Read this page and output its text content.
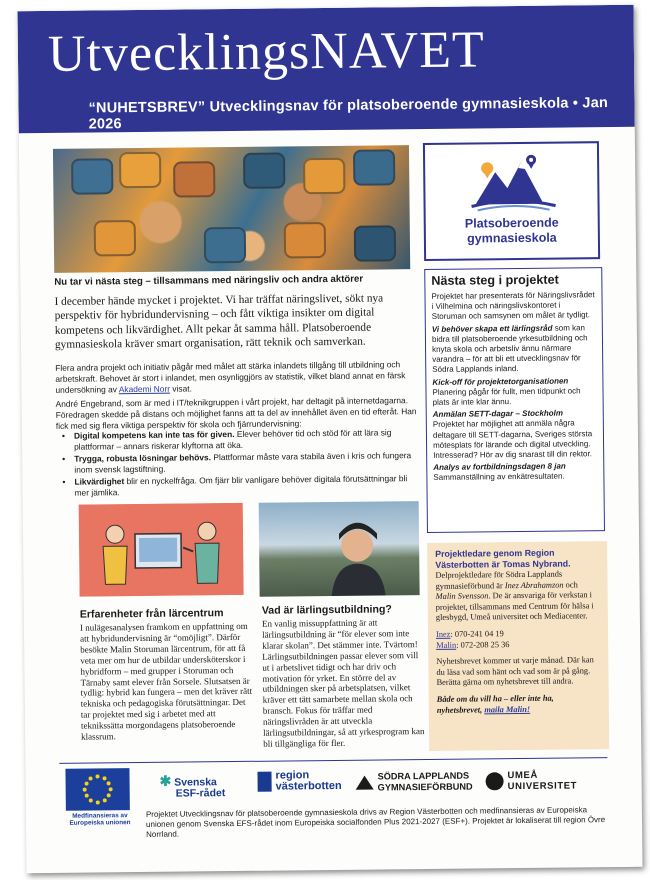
UtvecklingsNAVET
“NUHETSBREV” Utvecklingsnav för platsoberoende gymnasieskola • Jan 2026
Platsoberoende
gymnasieskola
Nu tar vi nästa steg – tillsammans med näringsliv och andra aktörer
I december hände mycket i projektet. Vi har träffat näringslivet, sökt nya perspektiv för hybridundervisning – och fått viktiga insikter om digital kompetens och likvärdighet. Allt pekar åt samma håll. Platsoberoende gymnasieskola kräver smart organisation, rätt teknik och samverkan.
Flera andra projekt och initiativ pågår med målet att stärka inlandets tillgång till utbildning och arbetskraft. Behovet är stort i inlandet, men osynliggjörs av statistik, vilket bland annat en färsk undersökning av Akademi Norr visat.
André Engebrand, som är med i IT/teknikgruppen i vårt projekt, har deltagit på internetdagarna. Föredragen skedde på distans och möjlighet fanns att ta del av innehållet även en tid efteråt. Han fick med sig flera viktiga perspektiv för skola och fjärrundervisning:
• Digital kompetens kan inte tas för given. Elever behöver tid och stöd för att lära sig plattformar – annars riskerar klyftorna att öka.
• Trygga, robusta lösningar behövs. Plattformar måste vara stabila även i kris och fungera inom svensk lagstiftning.
• Likvärdighet blir en nyckelfråga. Om fjärr blir vanligare behöver digitala förutsättningar bli mer jämlika.
Nästa steg i projektet

Projektet har presenterats för Näringslivsrådet i Vilhelmina och näringslivskontoret i Storuman och samsynen om målet är tydligt.

Vi behöver skapa ett lärlingsråd som kan bidra till platsoberoende yrkesutbildning och knyta skola och arbetsliv ännu närmare varandra – för att bli ett utvecklingsnav för Södra Lapplands inland.

Kick-off för projektetorganisationen
Planering pågår för fullt, men tidpunkt och plats är inte klar ännu.

Anmälan SETT-dagar – Stockholm
Projektet har möjlighet att anmäla några deltagare till SETT-dagarna, Sveriges största mötesplats för lärande och digital utveckling. Intresserad? Hör av dig snarast till din rektor.

Analys av fortbildningsdagen 8 jan
Sammanställning av enkätresultaten.

Erfarenheter från lärcentrum
I nulägesanalysen framkom en uppfattning om att hybridundervisning är “omöjligt”. Därför besökte Malin Storuman lärcentrum, för att få veta mer om hur de utbildar undersköterskor i hybridform – med grupper i Storuman och Tärnaby samt elever från Sorsele. Slutsatsen är tydlig: hybrid kan fungera – men det kräver rätt tekniska och pedagogiska förutsättningar. Det tar projektet med sig i arbetet med att teknikssätta morgondagens platsoberoende klassrum.
Vad är lärlingsutbildning?
En vanlig missuppfattning är att lärlingsutbildning är “för elever som inte klarar skolan”. Det stämmer inte. Tvärtom! Lärlingsutbildningen passar elever som vill ut i arbetslivet tidigt och har driv och motivation för yrket. En större del av utbildningen sker på arbetsplatsen, vilket kräver ett tätt samarbete mellan skola och bransch. Fokus för träffar med näringslivråden är att utveckla lärlingsutbildningar, så att yrkesprogram kan bli tillgängliga för fler.
Projektledare genom Region Västerbotten är Tomas Nybrand.
Delprojektledare för Södra Lapplands gymnasieförbund är Inez Abrahamzon och Malin Svensson. De är ansvariga för verkstan i projektet, tillsammans med Centrum för hälsa i glesbygd, Umeå universitet och Mediacenter.
Inez: 070-241 04 19
Malin: 072-208 25 36
Nyhetsbrevet kommer ut varje månad. Där kan du läsa vad som hänt och vad som är på gång. Berätta gärna om nyhetsbrevet till andra.
Både om du vill ha – eller inte ha, nyhetsbrevet, maila Malin!
Medfinansieras av Europeiska unionen
✱ Svenska
ESF-rådet
region
västerbotten
SÖDRA LAPPLANDS
GYMNASIEFÖRBUND
UMEÅ
UNIVERSITET
Projektet Utvecklingsnav för platsoberoende gymnasieskola drivs av Region Västerbotten och medfinansieras av Europeiska unionen genom Svenska EFS-rådet inom Europeiska socialfonden Plus 2021-2027 (ESF+). Projektet är lokaliserat till region Övre Norrland.
